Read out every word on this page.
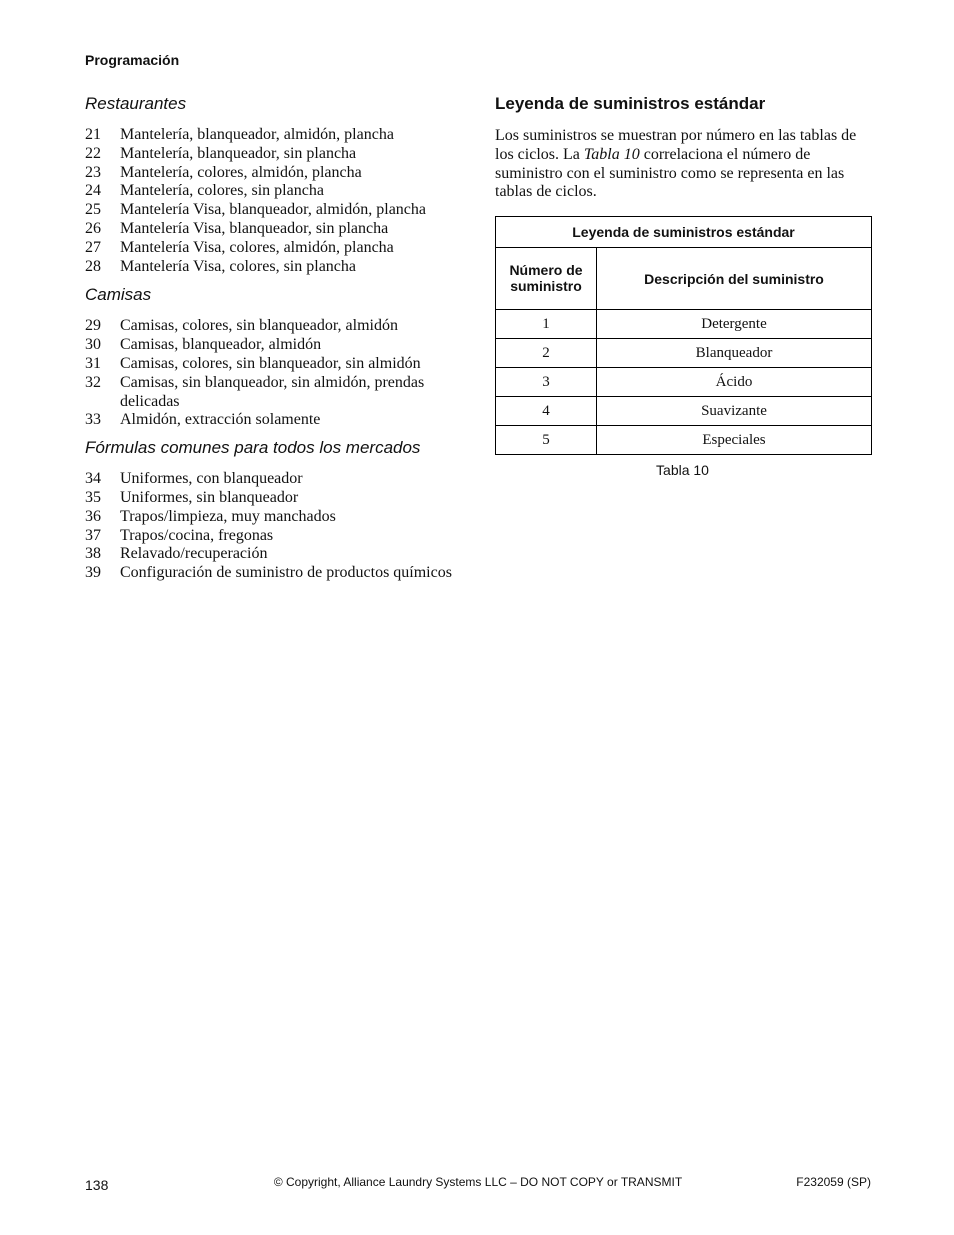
Programación
Restaurantes
21	Mantelería, blanqueador, almidón, plancha
22	Mantelería, blanqueador, sin plancha
23	Mantelería, colores, almidón, plancha
24	Mantelería, colores, sin plancha
25	Mantelería Visa, blanqueador, almidón, plancha
26	Mantelería Visa, blanqueador, sin plancha
27	Mantelería Visa, colores, almidón, plancha
28	Mantelería Visa, colores, sin plancha
Camisas
29	Camisas, colores, sin blanqueador, almidón
30	Camisas, blanqueador, almidón
31	Camisas, colores, sin blanqueador, sin almidón
32	Camisas, sin blanqueador, sin almidón, prendas delicadas
33	Almidón, extracción solamente
Fórmulas comunes para todos los mercados
34	Uniformes, con blanqueador
35	Uniformes, sin blanqueador
36	Trapos/limpieza, muy manchados
37	Trapos/cocina, fregonas
38	Relavado/recuperación
39	Configuración de suministro de productos químicos
Leyenda de suministros estándar
Los suministros se muestran por número en las tablas de los ciclos. La Tabla 10 correlaciona el número de suministro con el suministro como se representa en las tablas de ciclos.
Leyenda de suministros estándar	
Número de suministro	Descripción del suministro
1	Detergente
2	Blanqueador
3	Ácido
4	Suavizante
5	Especiales
Tabla 10
138	© Copyright, Alliance Laundry Systems LLC – DO NOT COPY or TRANSMIT	F232059 (SP)
